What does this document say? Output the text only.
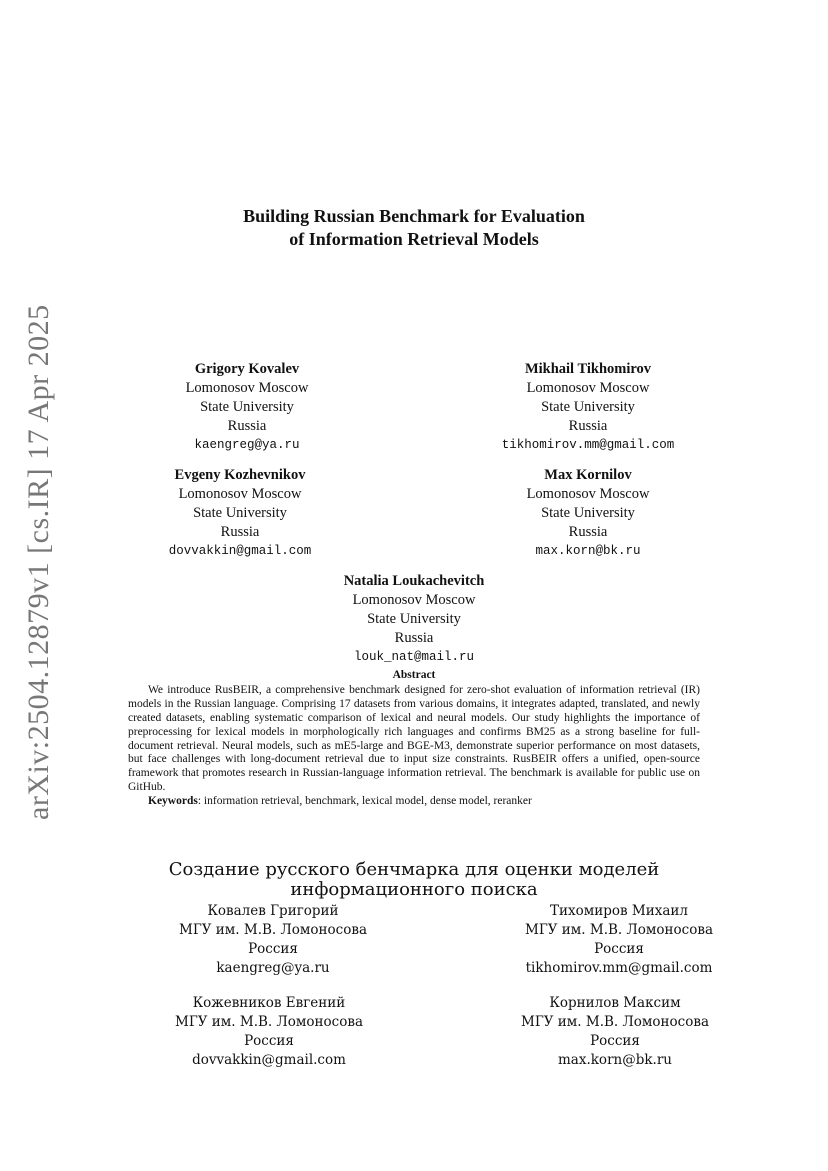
arXiv:2504.12879v1 [cs.IR] 17 Apr 2025
Building Russian Benchmark for Evaluation
of Information Retrieval Models
Grigory Kovalev
Lomonosov Moscow
State University
Russia
kaengreg@ya.ru
Mikhail Tikhomirov
Lomonosov Moscow
State University
Russia
tikhomirov.mm@gmail.com
Evgeny Kozhevnikov
Lomonosov Moscow
State University
Russia
dovvakkin@gmail.com
Max Kornilov
Lomonosov Moscow
State University
Russia
max.korn@bk.ru
Natalia Loukachevitch
Lomonosov Moscow
State University
Russia
louk_nat@mail.ru
Abstract

We introduce RusBEIR, a comprehensive benchmark designed for zero-shot evaluation of information retrieval (IR) models in the Russian language. Comprising 17 datasets from various domains, it integrates adapted, translated, and newly created datasets, enabling systematic comparison of lexical and neural models. Our study highlights the importance of preprocessing for lexical models in morphologically rich languages and confirms BM25 as a strong baseline for full-document retrieval. Neural models, such as mE5-large and BGE-M3, demonstrate superior performance on most datasets, but face challenges with long-document retrieval due to input size constraints. RusBEIR offers a unified, open-source framework that promotes research in Russian-language information retrieval. The benchmark is available for public use on GitHub.

Keywords: information retrieval, benchmark, lexical model, dense model, reranker
Создание русского бенчмарка для оценки моделей
информационного поиска
Ковалев Григорий
МГУ им. М.В. Ломоносова
Россия
kaengreg@ya.ru
Тихомиров Михаил
МГУ им. М.В. Ломоносова
Россия
tikhomirov.mm@gmail.com
Кожевников Евгений
МГУ им. М.В. Ломоносова
Россия
dovvakkin@gmail.com
Корнилов Максим
МГУ им. М.В. Ломоносова
Россия
max.korn@bk.ru
